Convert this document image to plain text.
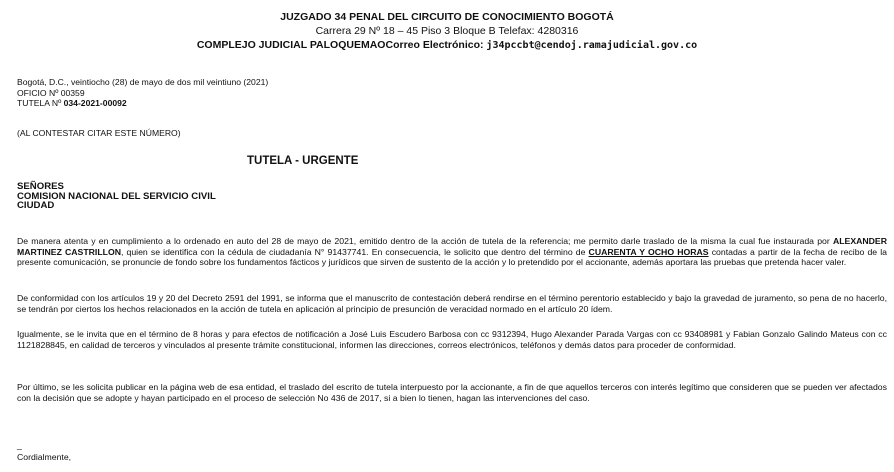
JUZGADO 34 PENAL DEL CIRCUITO DE CONOCIMIENTO BOGOTÁ
Carrera 29 Nº 18 – 45 Piso 3 Bloque B Telefax: 4280316
COMPLEJO JUDICIAL PALOQUEMAOCorreo Electrónico: j34pccbt@cendoj.ramajudicial.gov.co
Bogotá, D.C., veintiocho (28) de mayo de dos mil veintiuno (2021)
OFICIO Nº 00359
TUTELA Nº 034-2021-00092
(AL CONTESTAR CITAR ESTE NÚMERO)
TUTELA - URGENTE
SEÑORES
COMISION NACIONAL DEL SERVICIO CIVIL
CIUDAD
De manera atenta y en cumplimiento a lo ordenado en auto del 28 de mayo de 2021, emitido dentro de la acción de tutela de la referencia; me permito darle traslado de la misma la cual fue instaurada por ALEXANDER MARTINEZ CASTRILLON, quien se identifica con la cédula de ciudadanía N° 91437741. En consecuencia, le solicito que dentro del término de CUARENTA Y OCHO HORAS contadas a partir de la fecha de recibo de la presente comunicación, se pronuncie de fondo sobre los fundamentos fácticos y jurídicos que sirven de sustento de la acción y lo pretendido por el accionante, además aportara las pruebas que pretenda hacer valer.
De conformidad con los artículos 19 y 20 del Decreto 2591 del 1991, se informa que el manuscrito de contestación deberá rendirse en el término perentorio establecido y bajo la gravedad de juramento, so pena de no hacerlo, se tendrán por ciertos los hechos relacionados en la acción de tutela en aplicación al principio de presunción de veracidad normado en el artículo 20 ídem.
Igualmente, se le invita que en el término de 8 horas y para efectos de notificación a José Luis Escudero Barbosa con cc 9312394, Hugo Alexander Parada Vargas con cc 93408981 y Fabian Gonzalo Galindo Mateus con cc 1121828845, en calidad de terceros y vinculados al presente trámite constitucional, informen las direcciones, correos electrónicos, teléfonos y demás datos para proceder de conformidad.
Por último, se les solicita publicar en la página web de esa entidad, el traslado del escrito de tutela interpuesto por la accionante, a fin de que aquellos terceros con interés legítimo que consideren que se pueden ver afectados con la decisión que se adopte y hayan participado en el proceso de selección No 436 de 2017, si a bien lo tienen, hagan las intervenciones del caso.
_
Cordialmente,
